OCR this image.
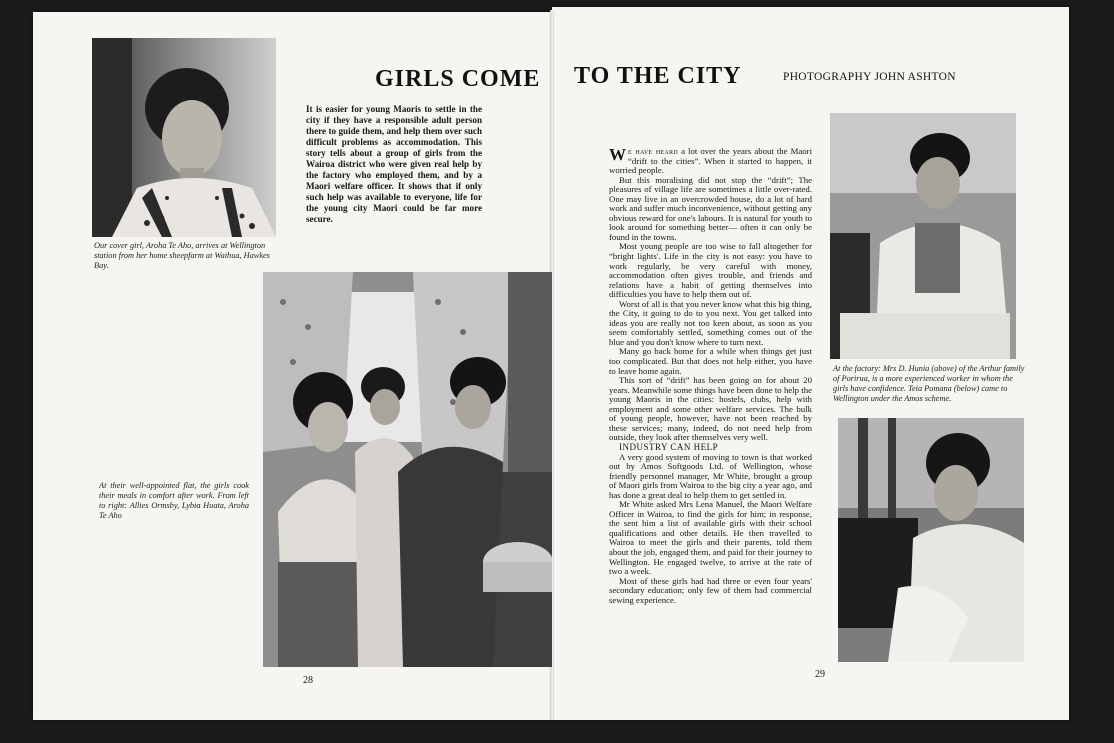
Our cover girl, Aroha Te Aho, arrives at Wellington station from her home sheepfarm at Waihua, Hawkes Bay.
GIRLS COME TO THE CITY	PHOTOGRAPHY JOHN ASHTON
It is easier for young Maoris to settle in the city if they have a responsible adult person there to guide them, and help them over such difficult problems as accommodation. This story tells about a group of girls from the Wairoa district who were given real help by the factory who employed them, and by a Maori welfare officer. It shows that if only such help was available to everyone, life for the young city Maori could be far more secure.
At their well-appointed flat, the girls cook their meals in comfort after work. From left to right: Allies Ormsby, Lybia Huata, Aroha Te Aho
28

We have heard a lot over the years about the Maori “drift to the cities”. When it started to happen, it worried people.

But this moralising did not stop the “drift”; The pleasures of village life are sometimes a little over-rated. One may live in an overcrowded house, do a lot of hard work and suffer much inconvenience, without getting any obvious reward for one's labours. It is natural for youth to look around for something better— often it can only be found in the towns.

Most young people are too wise to fall altogether for “bright lights'. Life in the city is not easy: you have to work regularly, be very careful with money, accommodation often gives trouble, and friends and relations have a habit of getting themselves into difficulties you have to help them out of.

Worst of all is that you never know what this big thing, the City, it going to do to you next. You get talked into ideas you are really not too keen about, as soon as you seem comfortably settled, something comes out of the blue and you don't know where to turn next.

Many go back home for a while when things get just too complicated. But that does not help either, you have to leave home again.

This sort of “drift” has been going on for about 20 years. Meanwhile some things have been done to help the young Maoris in the cities: hostels, clubs, help with employment and some other welfare services. The bulk of young people, however, have not been reached by these services; many, indeed, do not need help from outside, they look after themselves very well.

INDUSTRY CAN HELP

A very good system of moving to town is that worked out by Amos Softgoods Ltd. of Wellington, whose friendly personnel manager, Mr White, brought a group of Maori girls from Wairoa to the big city a year ago, and has done a great deal to help them to get settled in.

Mr White asked Mrs Lena Manuel, the Maori Welfare Officer in Wairoa, to find the girls for him; in response, the sent him a list of available girls with their school qualifications and other details. He then travelled to Wairoa to meet the girls and their parents, told them about the job, engaged them, and paid for their journey to Wellington. He engaged twelve, to arrive at the rate of two a week.

Most of these girls had had three or even four years' secondary education; only few of them had commercial sewing experience.

At the factory: Mrs D. Hunia (above) of the Arthur family of Porirua, is a more experienced worker in whom the girls have confidence. Teia Pomana (below) came to Wellington under the Amos scheme.
29
